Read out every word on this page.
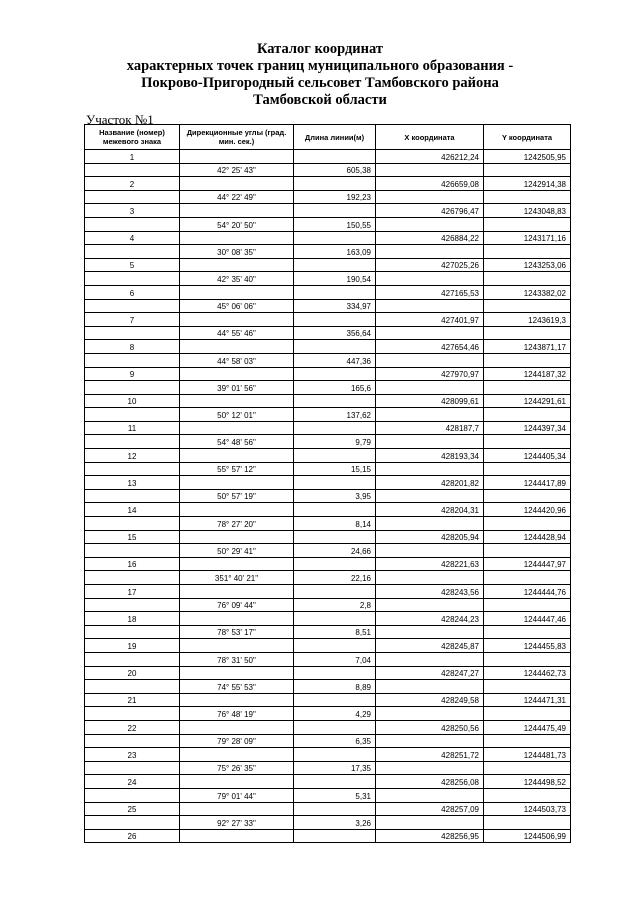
Каталог координат
характерных точек границ муниципального образования -
Покрово-Пригородный сельсовет Тамбовского района
Тамбовской области
Участок №1
Название (номер) межевого знака	Дирекционные углы (град. мин. сек.)	Длина линии(м)	X координата	Y координата
1			426212,24	1242505,95
	42° 25' 43"	605,38		
2			426659,08	1242914,38
	44° 22' 49"	192,23		
3			426796,47	1243048,83
	54° 20' 50"	150,55		
4			426884,22	1243171,16
	30° 08' 35"	163,09		
5			427025,26	1243253,06
	42° 35' 40"	190,54		
6			427165,53	1243382,02
	45° 06' 06"	334,97		
7			427401,97	1243619,3
	44° 55' 46"	356,64		
8			427654,46	1243871,17
	44° 58' 03"	447,36		
9			427970,97	1244187,32
	39° 01' 56"	165,6		
10			428099,61	1244291,61
	50° 12' 01"	137,62		
11			428187,7	1244397,34
	54° 48' 56"	9,79		
12			428193,34	1244405,34
	55° 57' 12"	15,15		
13			428201,82	1244417,89
	50° 57' 19"	3,95		
14			428204,31	1244420,96
	78° 27' 20"	8,14		
15			428205,94	1244428,94
	50° 29' 41"	24,66		
16			428221,63	1244447,97
	351° 40' 21"	22,16		
17			428243,56	1244444,76
	76° 09' 44"	2,8		
18			428244,23	1244447,46
	78° 53' 17"	8,51		
19			428245,87	1244455,83
	78° 31' 50"	7,04		
20			428247,27	1244462,73
	74° 55' 53"	8,89		
21			428249,58	1244471,31
	76° 48' 19"	4,29		
22			428250,56	1244475,49
	79° 28' 09"	6,35		
23			428251,72	1244481,73
	75° 26' 35"	17,35		
24			428256,08	1244498,52
	79° 01' 44"	5,31		
25			428257,09	1244503,73
	92° 27' 33"	3,26		
26			428256,95	1244506,99
